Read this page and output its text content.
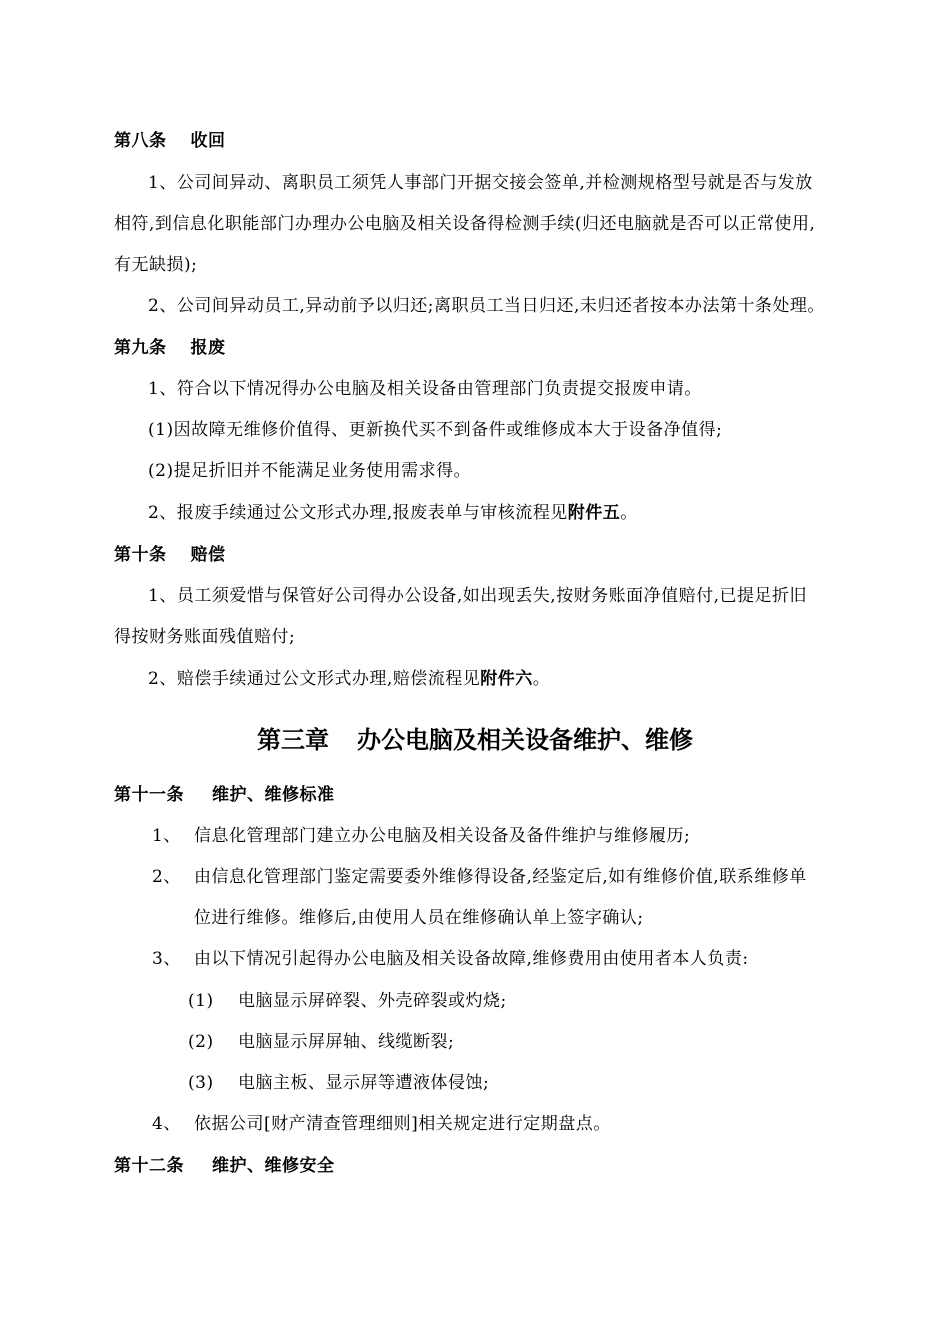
第八条 收回
1、公司间异动、离职员工须凭人事部门开据交接会签单,并检测规格型号就是否与发放
相符,到信息化职能部门办理办公电脑及相关设备得检测手续(归还电脑就是否可以正常使用,
有无缺损);
2、公司间异动员工,异动前予以归还;离职员工当日归还,未归还者按本办法第十条处理。
第九条 报废
1、符合以下情况得办公电脑及相关设备由管理部门负责提交报废申请。
(1)因故障无维修价值得、更新换代买不到备件或维修成本大于设备净值得;
(2)提足折旧并不能满足业务使用需求得。
2、报废手续通过公文形式办理,报废表单与审核流程见附件五。
第十条 赔偿
1、员工须爱惜与保管好公司得办公设备,如出现丢失,按财务账面净值赔付,已提足折旧
得按财务账面残值赔付;
2、赔偿手续通过公文形式办理,赔偿流程见附件六。
第三章 办公电脑及相关设备维护、维修
第十一条 维护、维修标准
1、 信息化管理部门建立办公电脑及相关设备及备件维护与维修履历;
2、 由信息化管理部门鉴定需要委外维修得设备,经鉴定后,如有维修价值,联系维修单
位进行维修。维修后,由使用人员在维修确认单上签字确认;
3、 由以下情况引起得办公电脑及相关设备故障,维修费用由使用者本人负责:
(1) 电脑显示屏碎裂、外壳碎裂或灼烧;
(2) 电脑显示屏屏轴、线缆断裂;
(3) 电脑主板、显示屏等遭液体侵蚀;
4、 依据公司[财产清查管理细则]相关规定进行定期盘点。
第十二条 维护、维修安全
